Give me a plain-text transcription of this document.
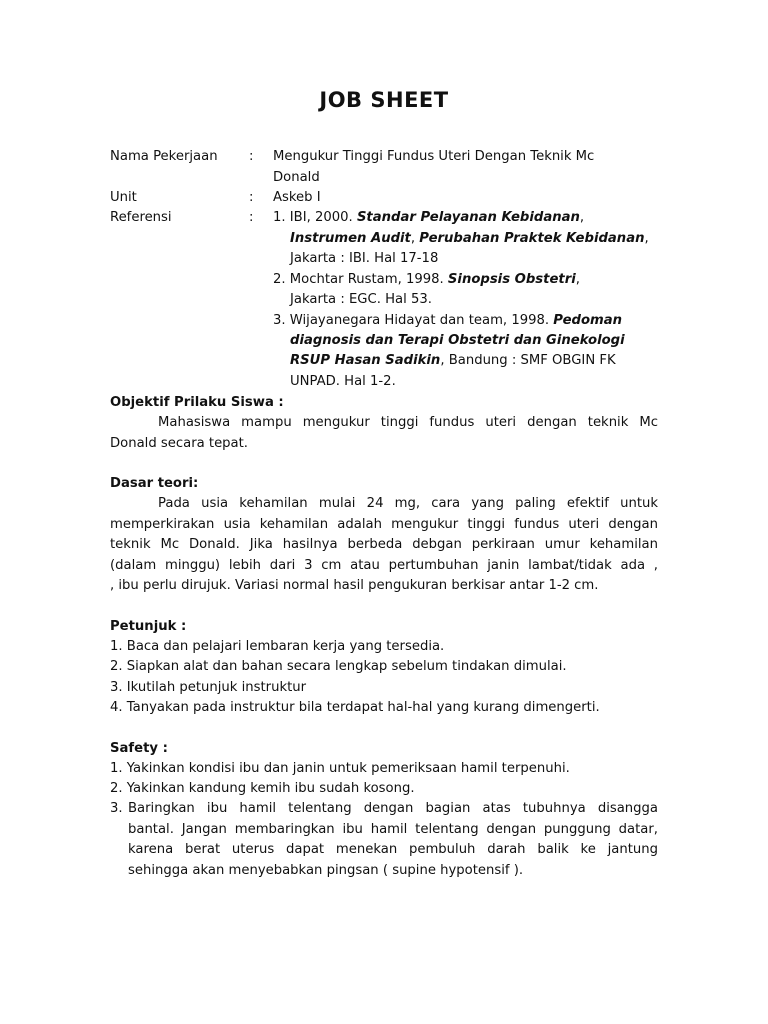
JOB SHEET
Nama Pekerjaan : Mengukur Tinggi Fundus Uteri Dengan Teknik Mc
Donald
Unit	: Askeb I
Referensi	: 1. IBI, 2000. Standar Pelayanan Kebidanan,
Instrumen Audit, Perubahan Praktek Kebidanan,
Jakarta : IBI. Hal 17-18
2. Mochtar Rustam, 1998. Sinopsis Obstetri,
Jakarta : EGC. Hal 53.
3. Wijayanegara Hidayat dan team, 1998. Pedoman
diagnosis dan Terapi Obstetri dan Ginekologi
RSUP Hasan Sadikin, Bandung : SMF OBGIN FK
UNPAD. Hal 1-2.
Objektif Prilaku Siswa :
Mahasiswa mampu mengukur tinggi fundus uteri dengan teknik Mc
Donald secara tepat.
Dasar teori:
Pada usia kehamilan mulai 24 mg, cara yang paling efektif untuk
memperkirakan usia kehamilan adalah mengukur tinggi fundus uteri dengan
teknik Mc Donald. Jika hasilnya berbeda debgan perkiraan umur kehamilan
(dalam minggu) lebih dari 3 cm atau pertumbuhan janin lambat/tidak ada ,
, ibu perlu dirujuk. Variasi normal hasil pengukuran berkisar antar 1-2 cm.
Petunjuk :
1. Baca dan pelajari lembaran kerja yang tersedia.
2. Siapkan alat dan bahan secara lengkap sebelum tindakan dimulai.
3. Ikutilah petunjuk instruktur
4. Tanyakan pada instruktur bila terdapat hal-hal yang kurang dimengerti.
Safety :
1. Yakinkan kondisi ibu dan janin untuk pemeriksaan hamil terpenuhi.
2. Yakinkan kandung kemih ibu sudah kosong.
3. Baringkan ibu hamil telentang dengan bagian atas tubuhnya disangga
bantal. Jangan membaringkan ibu hamil telentang dengan punggung datar,
karena berat uterus dapat menekan pembuluh darah balik ke jantung
sehingga akan menyebabkan pingsan ( supine hypotensif ).
